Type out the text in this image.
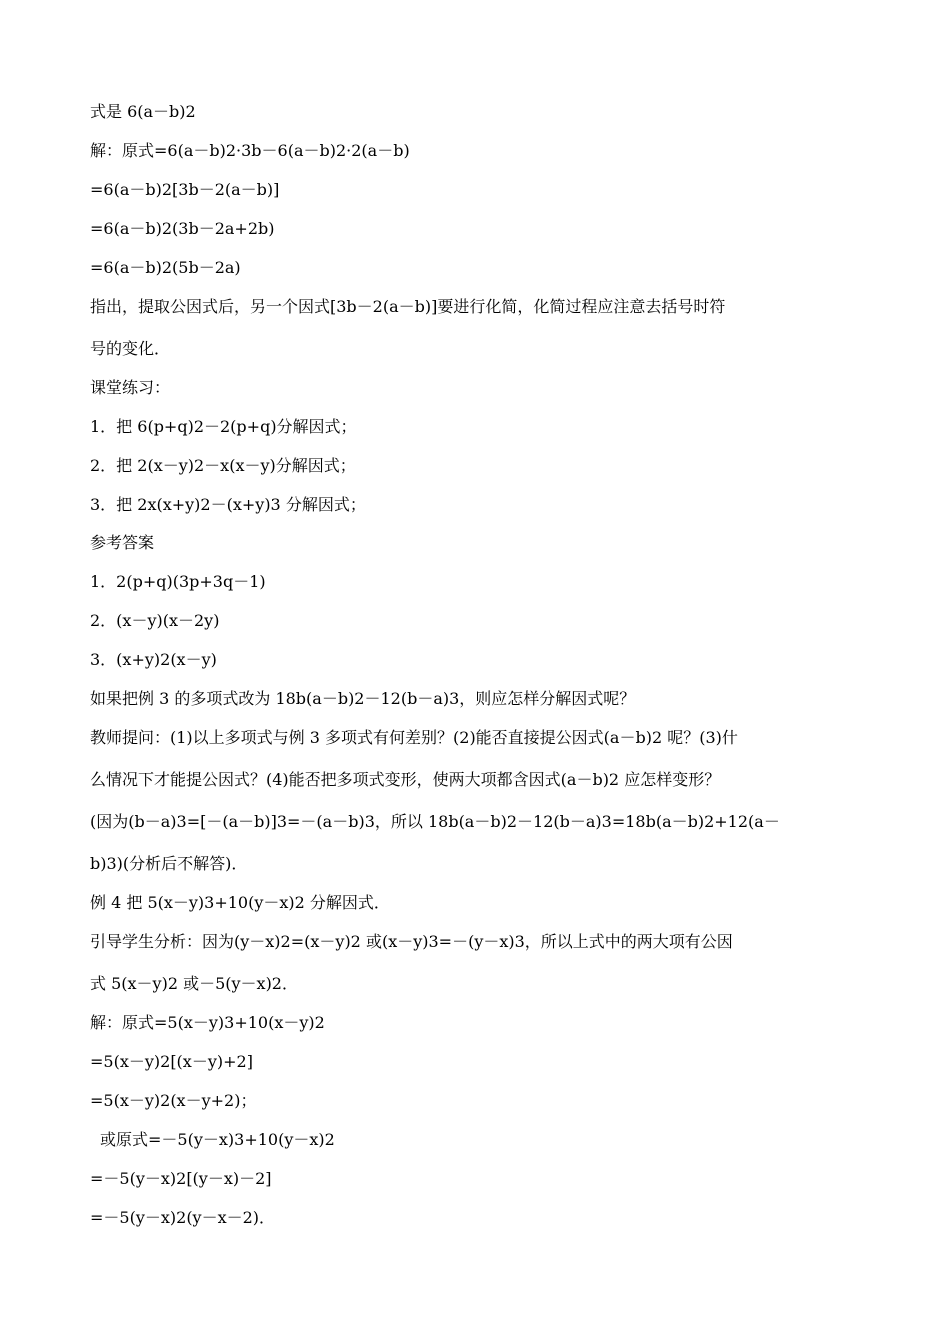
式是 6(a－b)2
解：原式=6(a－b)2·3b－6(a－b)2·2(a－b)
=6(a－b)2[3b－2(a－b)]
=6(a－b)2(3b－2a+2b)
=6(a－b)2(5b－2a)
指出，提取公因式后，另一个因式[3b－2(a－b)]要进行化简，化简过程应注意去括号时符
号的变化．
课堂练习：
1．把 6(p+q)2－2(p+q)分解因式；
2．把 2(x－y)2－x(x－y)分解因式；
3．把 2x(x+y)2－(x+y)3 分解因式；
参考答案
1．2(p+q)(3p+3q－1)
2．(x－y)(x－2y)
3．(x+y)2(x－y)
如果把例 3 的多项式改为 18b(a－b)2－12(b－a)3，则应怎样分解因式呢？
教师提问：(1)以上多项式与例 3 多项式有何差别？(2)能否直接提公因式(a－b)2 呢？(3)什
么情况下才能提公因式？(4)能否把多项式变形，使两大项都含因式(a－b)2 应怎样变形？
(因为(b－a)3=[－(a－b)]3=－(a－b)3，所以 18b(a－b)2－12(b－a)3=18b(a－b)2+12(a－
b)3)(分析后不解答)．
例 4 把 5(x－y)3+10(y－x)2 分解因式．
引导学生分析：因为(y－x)2=(x－y)2 或(x－y)3=－(y－x)3，所以上式中的两大项有公因
式 5(x－y)2 或－5(y－x)2．
解：原式=5(x－y)3+10(x－y)2
=5(x－y)2[(x－y)+2]
=5(x－y)2(x－y+2)；
或原式=－5(y－x)3+10(y－x)2
=－5(y－x)2[(y－x)－2]
=－5(y－x)2(y－x－2)．
